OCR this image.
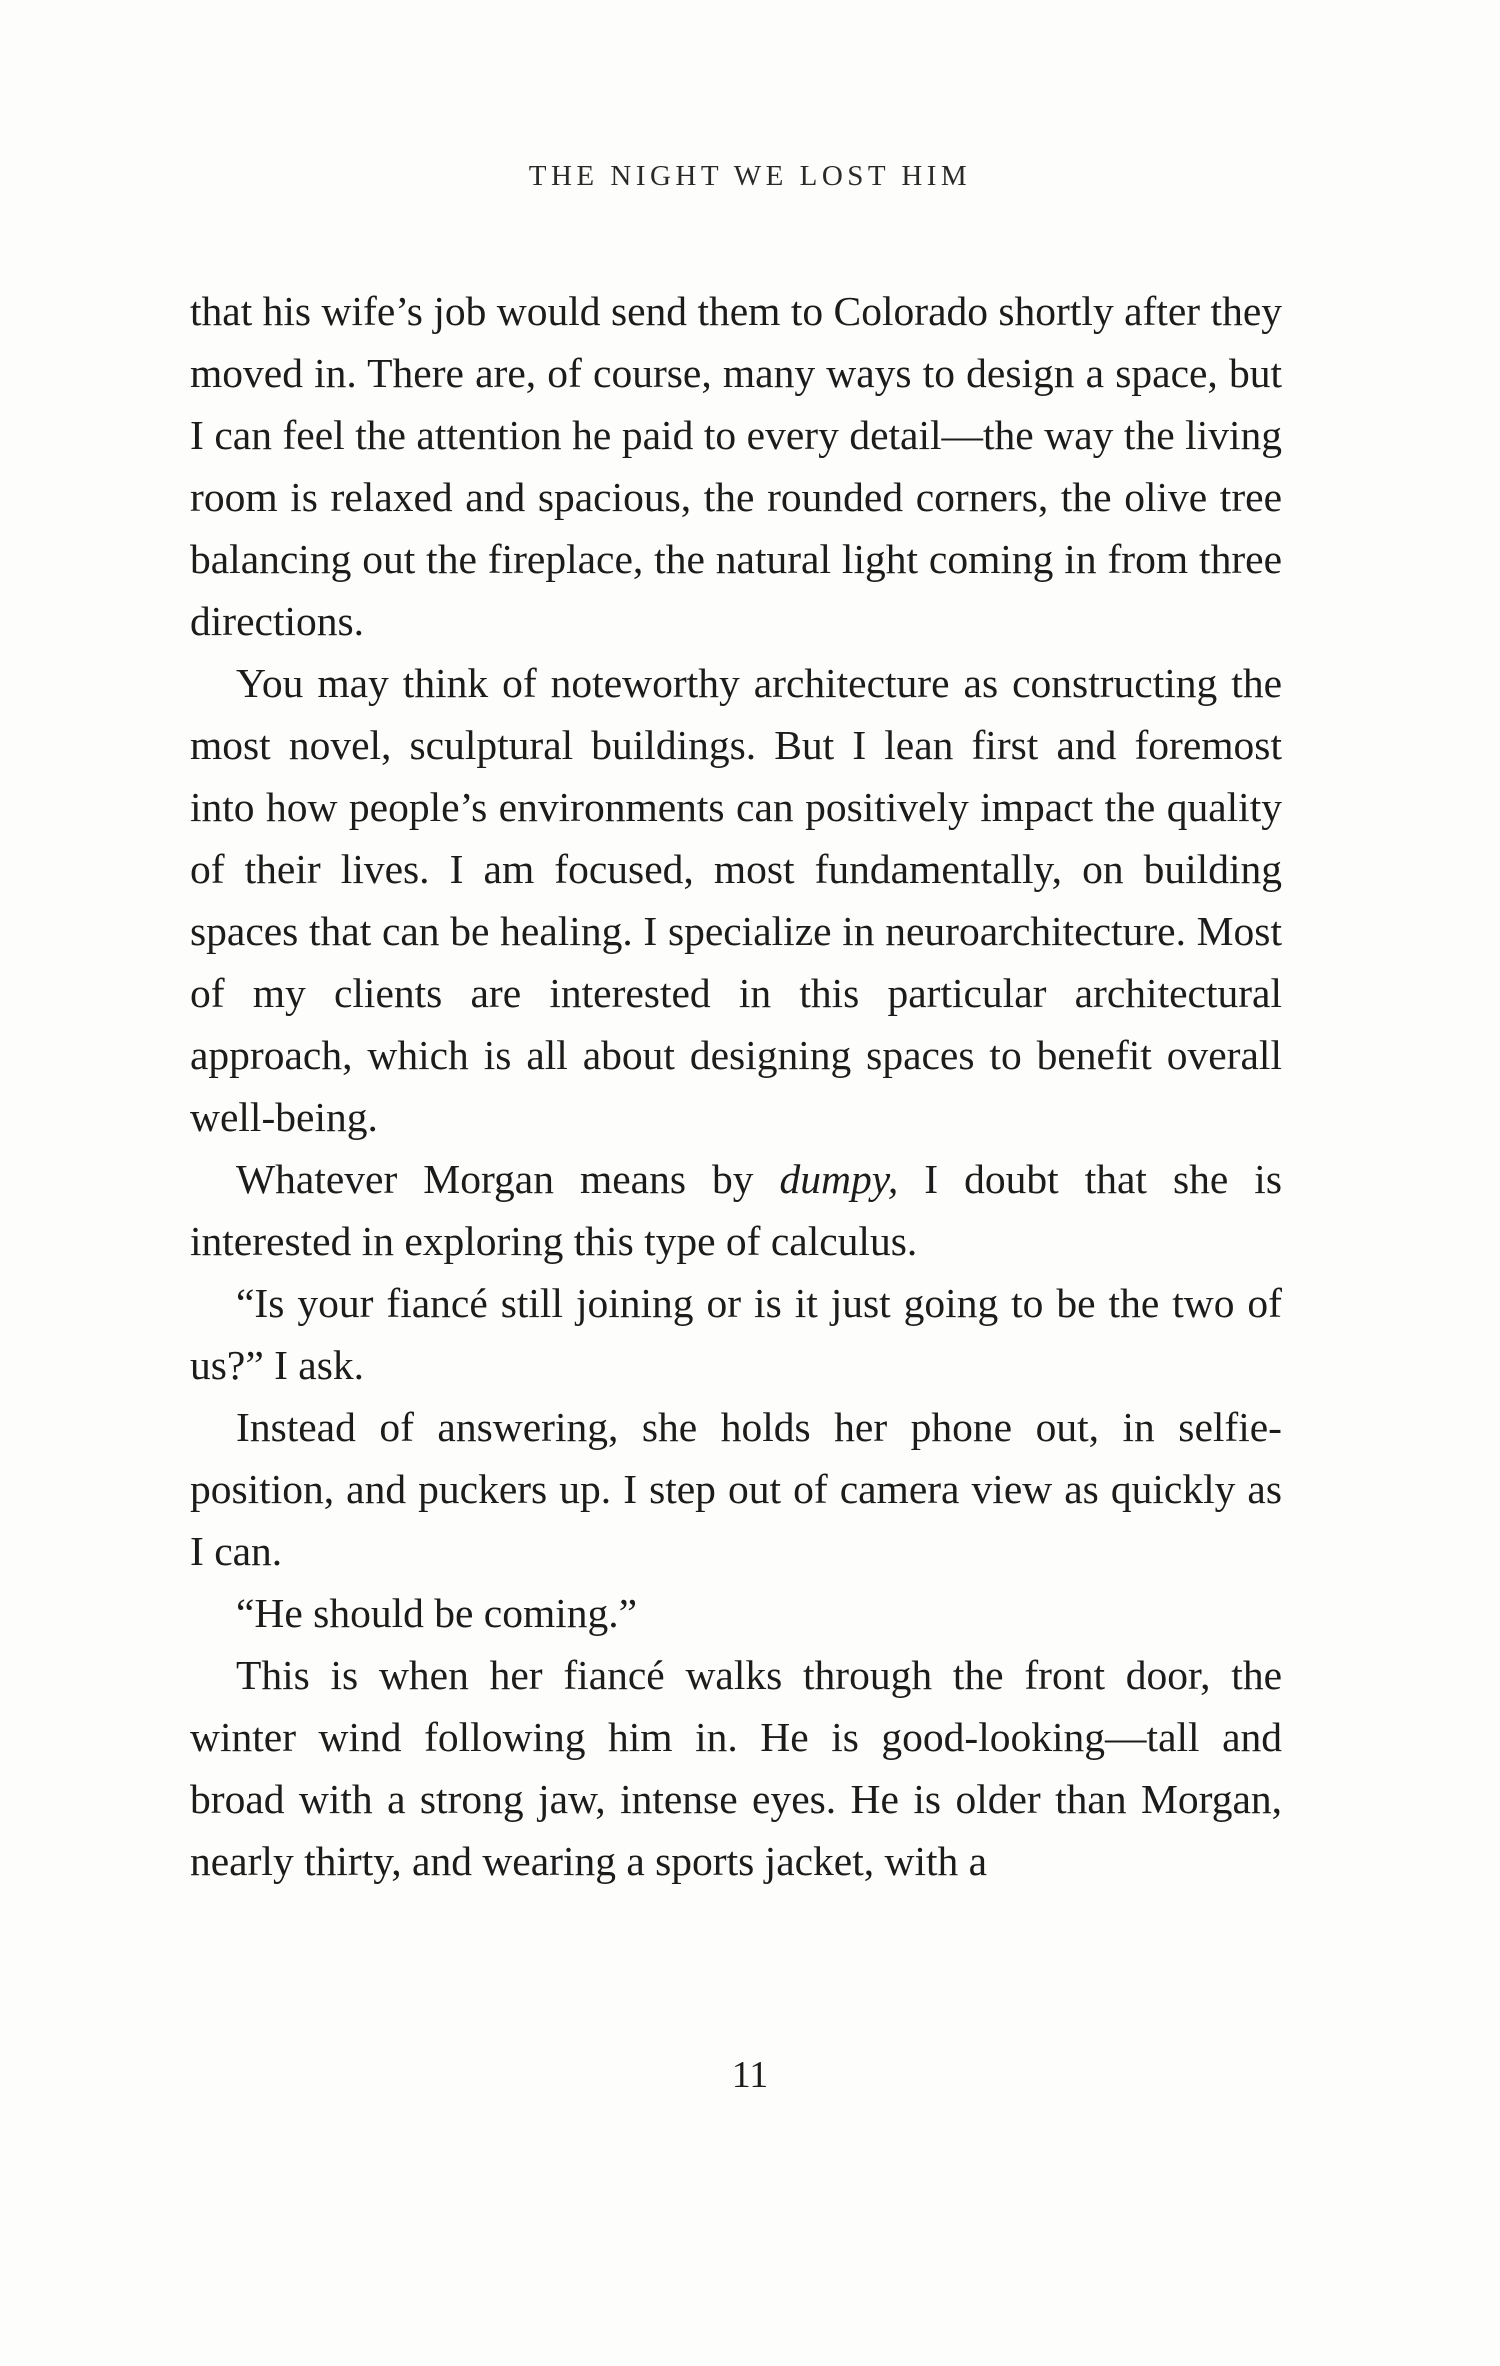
THE NIGHT WE LOST HIM

that his wife’s job would send them to Colorado shortly after they moved in. There are, of course, many ways to design a space, but I can feel the attention he paid to every detail—the way the living room is relaxed and spacious, the rounded corners, the olive tree balancing out the fireplace, the natural light coming in from three directions.

You may think of noteworthy architecture as constructing the most novel, sculptural buildings. But I lean first and foremost into how people’s environments can positively impact the quality of their lives. I am focused, most fundamentally, on building spaces that can be healing. I specialize in neuroarchitecture. Most of my clients are interested in this particular architectural approach, which is all about designing spaces to benefit overall well-being.

Whatever Morgan means by dumpy, I doubt that she is interested in exploring this type of calculus.

“Is your fiancé still joining or is it just going to be the two of us?” I ask.

Instead of answering, she holds her phone out, in selfie-position, and puckers up. I step out of camera view as quickly as I can.

“He should be coming.”

This is when her fiancé walks through the front door, the winter wind following him in. He is good-looking—tall and broad with a strong jaw, intense eyes. He is older than Morgan, nearly thirty, and wearing a sports jacket, with a

11
